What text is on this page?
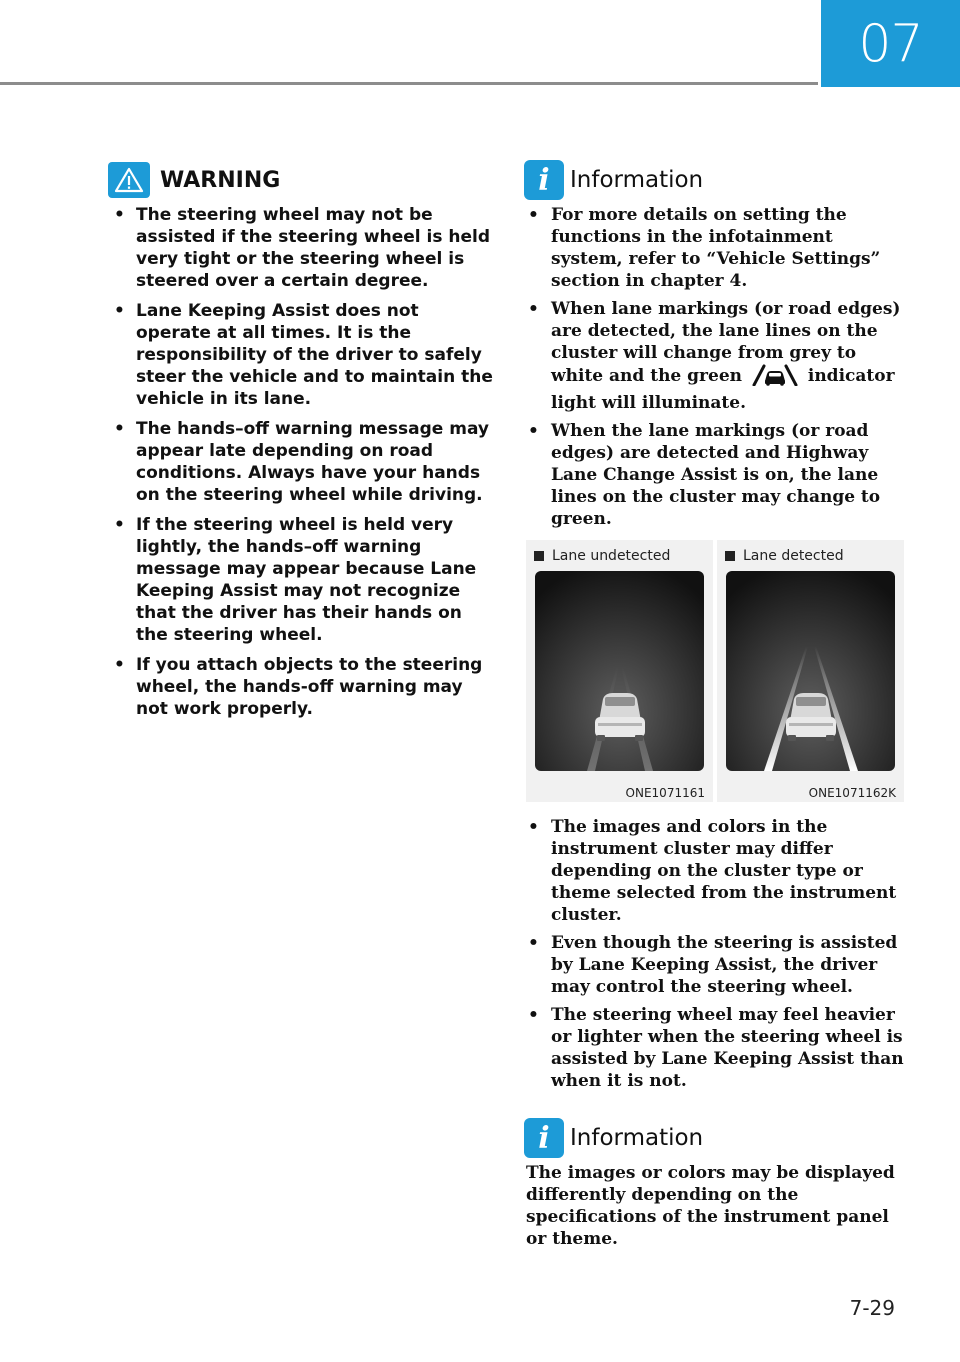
07
WARNING
• The steering wheel may not be assisted if the steering wheel is held very tight or the steering wheel is steered over a certain degree.
• Lane Keeping Assist does not operate at all times. It is the responsibility of the driver to safely steer the vehicle and to maintain the vehicle in its lane.
• The hands–off warning message may appear late depending on road conditions. Always have your hands on the steering wheel while driving.
• If the steering wheel is held very lightly, the hands–off warning message may appear because Lane Keeping Assist may not recognize that the driver has their hands on the steering wheel.
• If you attach objects to the steering wheel, the hands-off warning may not work properly.
i Information
• For more details on setting the functions in the infotainment system, refer to “Vehicle Settings” section in chapter 4.
• When lane markings (or road edges) are detected, the lane lines on the cluster will change from grey to white and the green	indicator light will illuminate.
• When the lane markings (or road edges) are detected and Highway Lane Change Assist is on, the lane lines on the cluster may change to green.
Lane undetected
ONE1071161
Lane detected
ONE1071162K
• The images and colors in the instrument cluster may differ depending on the cluster type or theme selected from the instrument cluster.
• Even though the steering is assisted by Lane Keeping Assist, the driver may control the steering wheel.
• The steering wheel may feel heavier or lighter when the steering wheel is assisted by Lane Keeping Assist than when it is not.
i Information
The images or colors may be displayed differently depending on the specifications of the instrument panel or theme.
7-29
